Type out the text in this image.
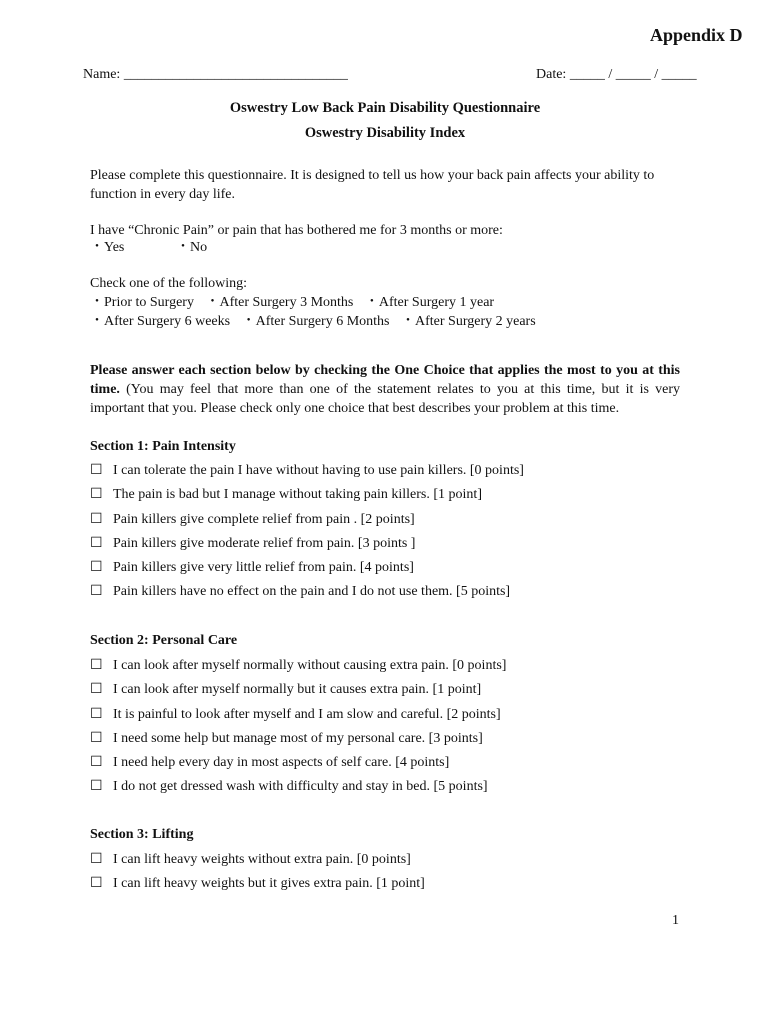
Appendix D
Name: ________________________________	Date: _____ / _____ / _____
Oswestry Low Back Pain Disability Questionnaire
Oswestry Disability Index
Please complete this questionnaire. It is designed to tell us how your back pain affects your ability to function in every day life.
I have “Chronic Pain” or pain that has bothered me for 3 months or more:
・Yes	・No
Check one of the following:
・Prior to Surgery ・After Surgery 3 Months ・After Surgery 1 year
・After Surgery 6 weeks ・After Surgery 6 Months ・After Surgery 2 years
Please answer each section below by checking the One Choice that applies the most to you at this time. (You may feel that more than one of the statement relates to you at this time, but it is very important that you. Please check only one choice that best describes your problem at this time.
Section 1: Pain Intensity
☐ I can tolerate the pain I have without having to use pain killers. [0 points]
☐ The pain is bad but I manage without taking pain killers. [1 point]
☐ Pain killers give complete relief from pain . [2 points]
☐ Pain killers give moderate relief from pain. [3 points ]
☐ Pain killers give very little relief from pain. [4 points]
☐ Pain killers have no effect on the pain and I do not use them. [5 points]
Section 2: Personal Care
☐ I can look after myself normally without causing extra pain. [0 points]
☐ I can look after myself normally but it causes extra pain. [1 point]
☐ It is painful to look after myself and I am slow and careful. [2 points]
☐ I need some help but manage most of my personal care. [3 points]
☐ I need help every day in most aspects of self care. [4 points]
☐ I do not get dressed wash with difficulty and stay in bed. [5 points]
Section 3: Lifting
☐ I can lift heavy weights without extra pain. [0 points]
☐ I can lift heavy weights but it gives extra pain. [1 point]
1
